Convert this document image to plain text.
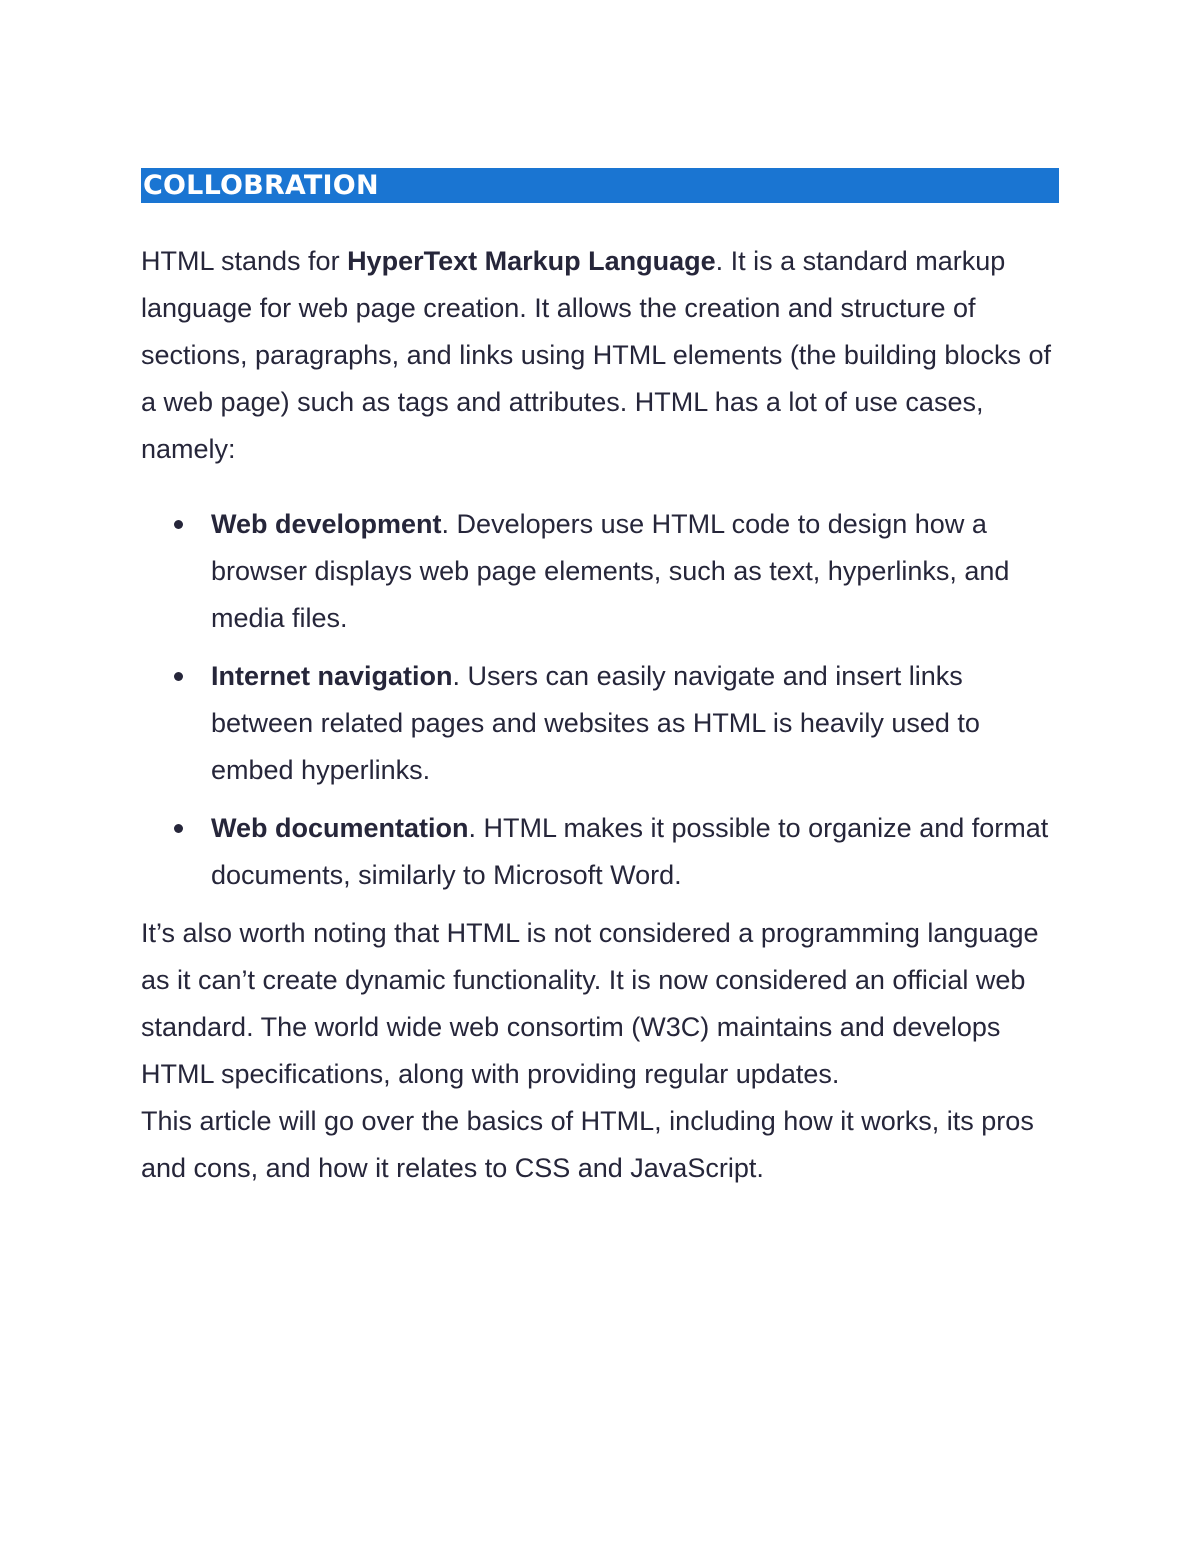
COLLOBRATION

HTML stands for HyperText Markup Language. It is a standard markup language for web page creation. It allows the creation and structure of sections, paragraphs, and links using HTML elements (the building blocks of a web page) such as tags and attributes. HTML has a lot of use cases, namely:

Web development. Developers use HTML code to design how a browser displays web page elements, such as text, hyperlinks, and media files.
Internet navigation. Users can easily navigate and insert links between related pages and websites as HTML is heavily used to embed hyperlinks.
Web documentation. HTML makes it possible to organize and format documents, similarly to Microsoft Word.

It’s also worth noting that HTML is not considered a programming language as it can’t create dynamic functionality. It is now considered an official web standard. The world wide web consortim (W3C) maintains and develops HTML specifications, along with providing regular updates.

This article will go over the basics of HTML, including how it works, its pros and cons, and how it relates to CSS and JavaScript.
